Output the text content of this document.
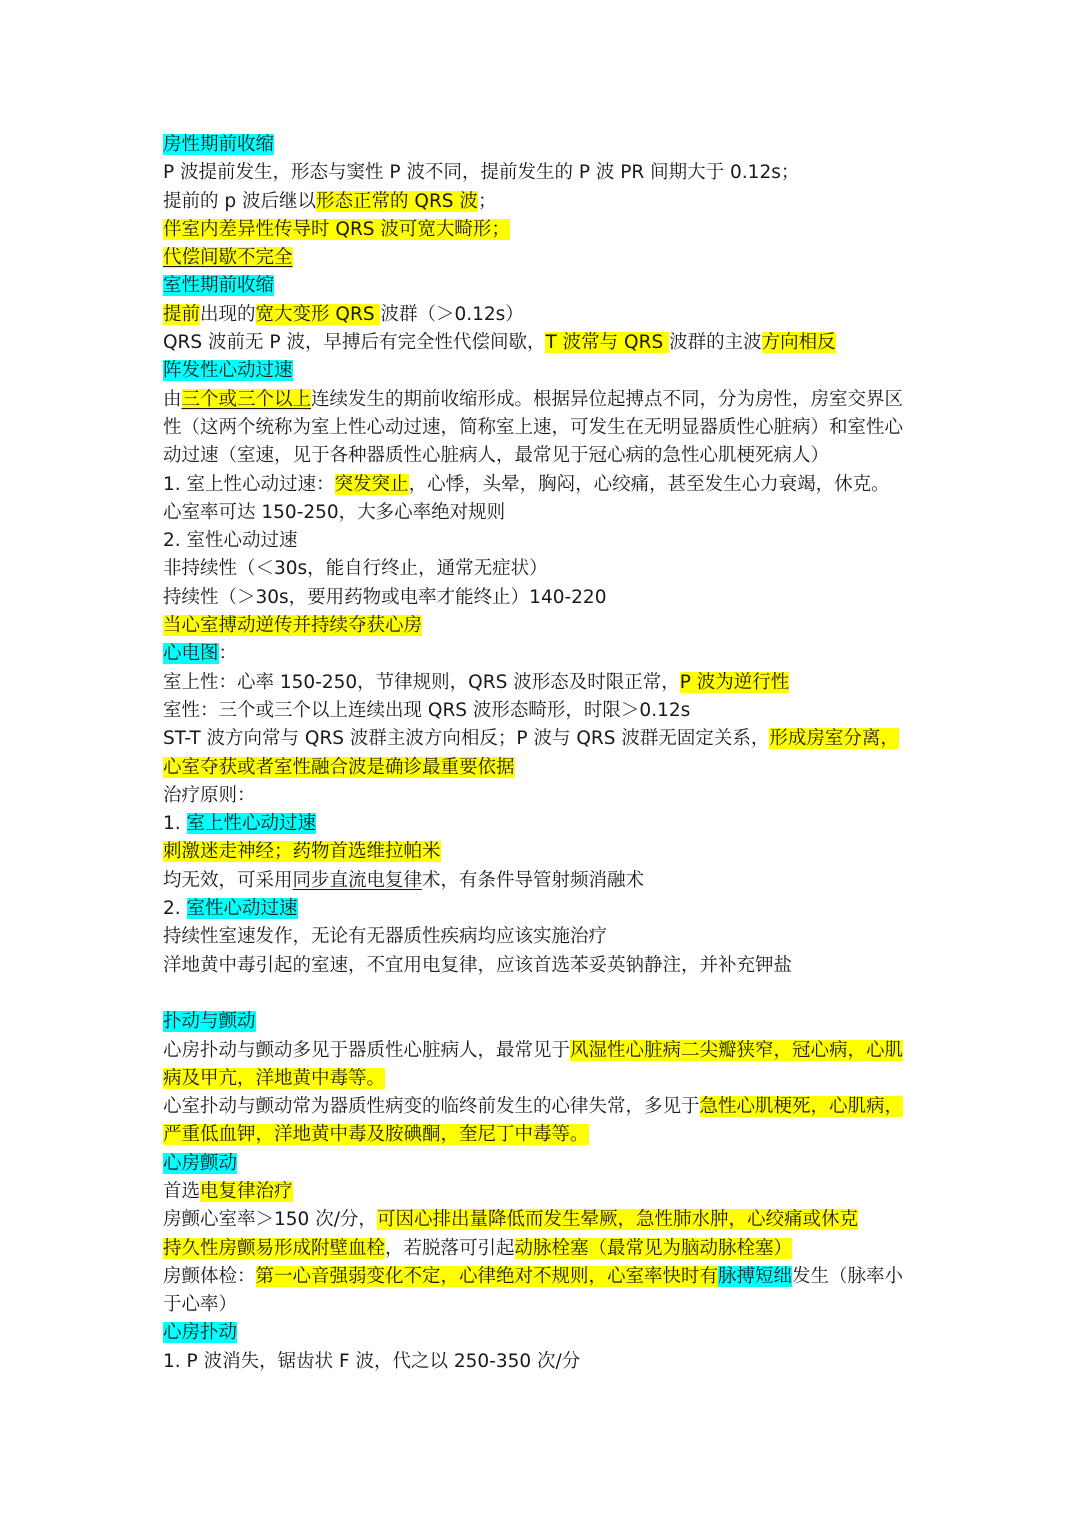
房性期前收缩
P 波提前发生，形态与窦性 P 波不同，提前发生的 P 波 PR 间期大于 0.12s；
提前的 p 波后继以形态正常的 QRS 波；
伴室内差异性传导时 QRS 波可宽大畸形；
代偿间歇不完全
室性期前收缩
提前出现的宽大变形 QRS 波群（＞0.12s）
QRS 波前无 P 波，早搏后有完全性代偿间歇，T 波常与 QRS 波群的主波方向相反
阵发性心动过速
由三个或三个以上连续发生的期前收缩形成。根据异位起搏点不同，分为房性，房室交界区
性（这两个统称为室上性心动过速，简称室上速，可发生在无明显器质性心脏病）和室性心
动过速（室速，见于各种器质性心脏病人，最常见于冠心病的急性心肌梗死病人）
1. 室上性心动过速：突发突止，心悸，头晕，胸闷，心绞痛，甚至发生心力衰竭，休克。
心室率可达 150-250，大多心率绝对规则
2. 室性心动过速
非持续性（＜30s，能自行终止，通常无症状）
持续性（＞30s，要用药物或电率才能终止）140-220
当心室搏动逆传并持续夺获心房
心电图：
室上性：心率 150-250，节律规则，QRS 波形态及时限正常，P 波为逆行性
室性：三个或三个以上连续出现 QRS 波形态畸形，时限＞0.12s
ST-T 波方向常与 QRS 波群主波方向相反；P 波与 QRS 波群无固定关系，形成房室分离，
心室夺获或者室性融合波是确诊最重要依据
治疗原则：
1. 室上性心动过速
刺激迷走神经；药物首选维拉帕米
均无效，可采用同步直流电复律术，有条件导管射频消融术
2. 室性心动过速
持续性室速发作，无论有无器质性疾病均应该实施治疗
洋地黄中毒引起的室速，不宜用电复律，应该首选苯妥英钠静注，并补充钾盐
扑动与颤动
心房扑动与颤动多见于器质性心脏病人，最常见于风湿性心脏病二尖瓣狭窄，冠心病，心肌
病及甲亢，洋地黄中毒等。
心室扑动与颤动常为器质性病变的临终前发生的心律失常，多见于急性心肌梗死，心肌病，
严重低血钾，洋地黄中毒及胺碘酮，奎尼丁中毒等。
心房颤动
首选电复律治疗
房颤心室率＞150 次/分，可因心排出量降低而发生晕厥，急性肺水肿，心绞痛或休克
持久性房颤易形成附壁血栓，若脱落可引起动脉栓塞（最常见为脑动脉栓塞）
房颤体检：第一心音强弱变化不定，心律绝对不规则，心室率快时有脉搏短绌发生（脉率小
于心率）
心房扑动
1. P 波消失，锯齿状 F 波，代之以 250-350 次/分
